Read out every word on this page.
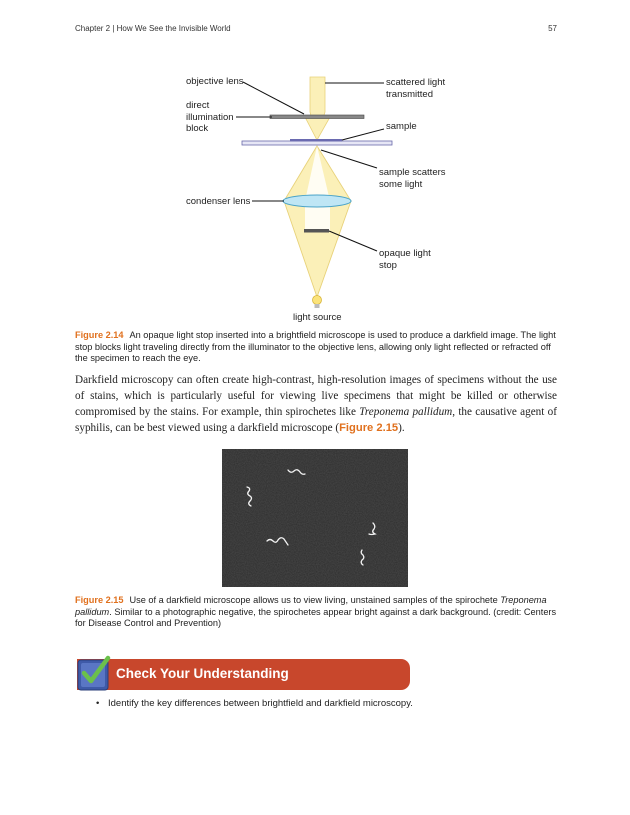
Chapter 2 | How We See the Invisible World	57
objective lens
direct
illumination
block
scattered light
transmitted
sample
sample scatters
some light
condenser lens
opaque light
stop
light source
Figure 2.14 An opaque light stop inserted into a brightfield microscope is used to produce a darkfield image. The light stop blocks light traveling directly from the illuminator to the objective lens, allowing only light reflected or refracted off the specimen to reach the eye.
Darkfield microscopy can often create high-contrast, high-resolution images of specimens without the use of stains, which is particularly useful for viewing live specimens that might be killed or otherwise compromised by the stains. For example, thin spirochetes like Treponema pallidum, the causative agent of syphilis, can be best viewed using a darkfield microscope (Figure 2.15).
Figure 2.15 Use of a darkfield microscope allows us to view living, unstained samples of the spirochete Treponema pallidum. Similar to a photographic negative, the spirochetes appear bright against a dark background. (credit: Centers for Disease Control and Prevention)
Check Your Understanding
• Identify the key differences between brightfield and darkfield microscopy.
